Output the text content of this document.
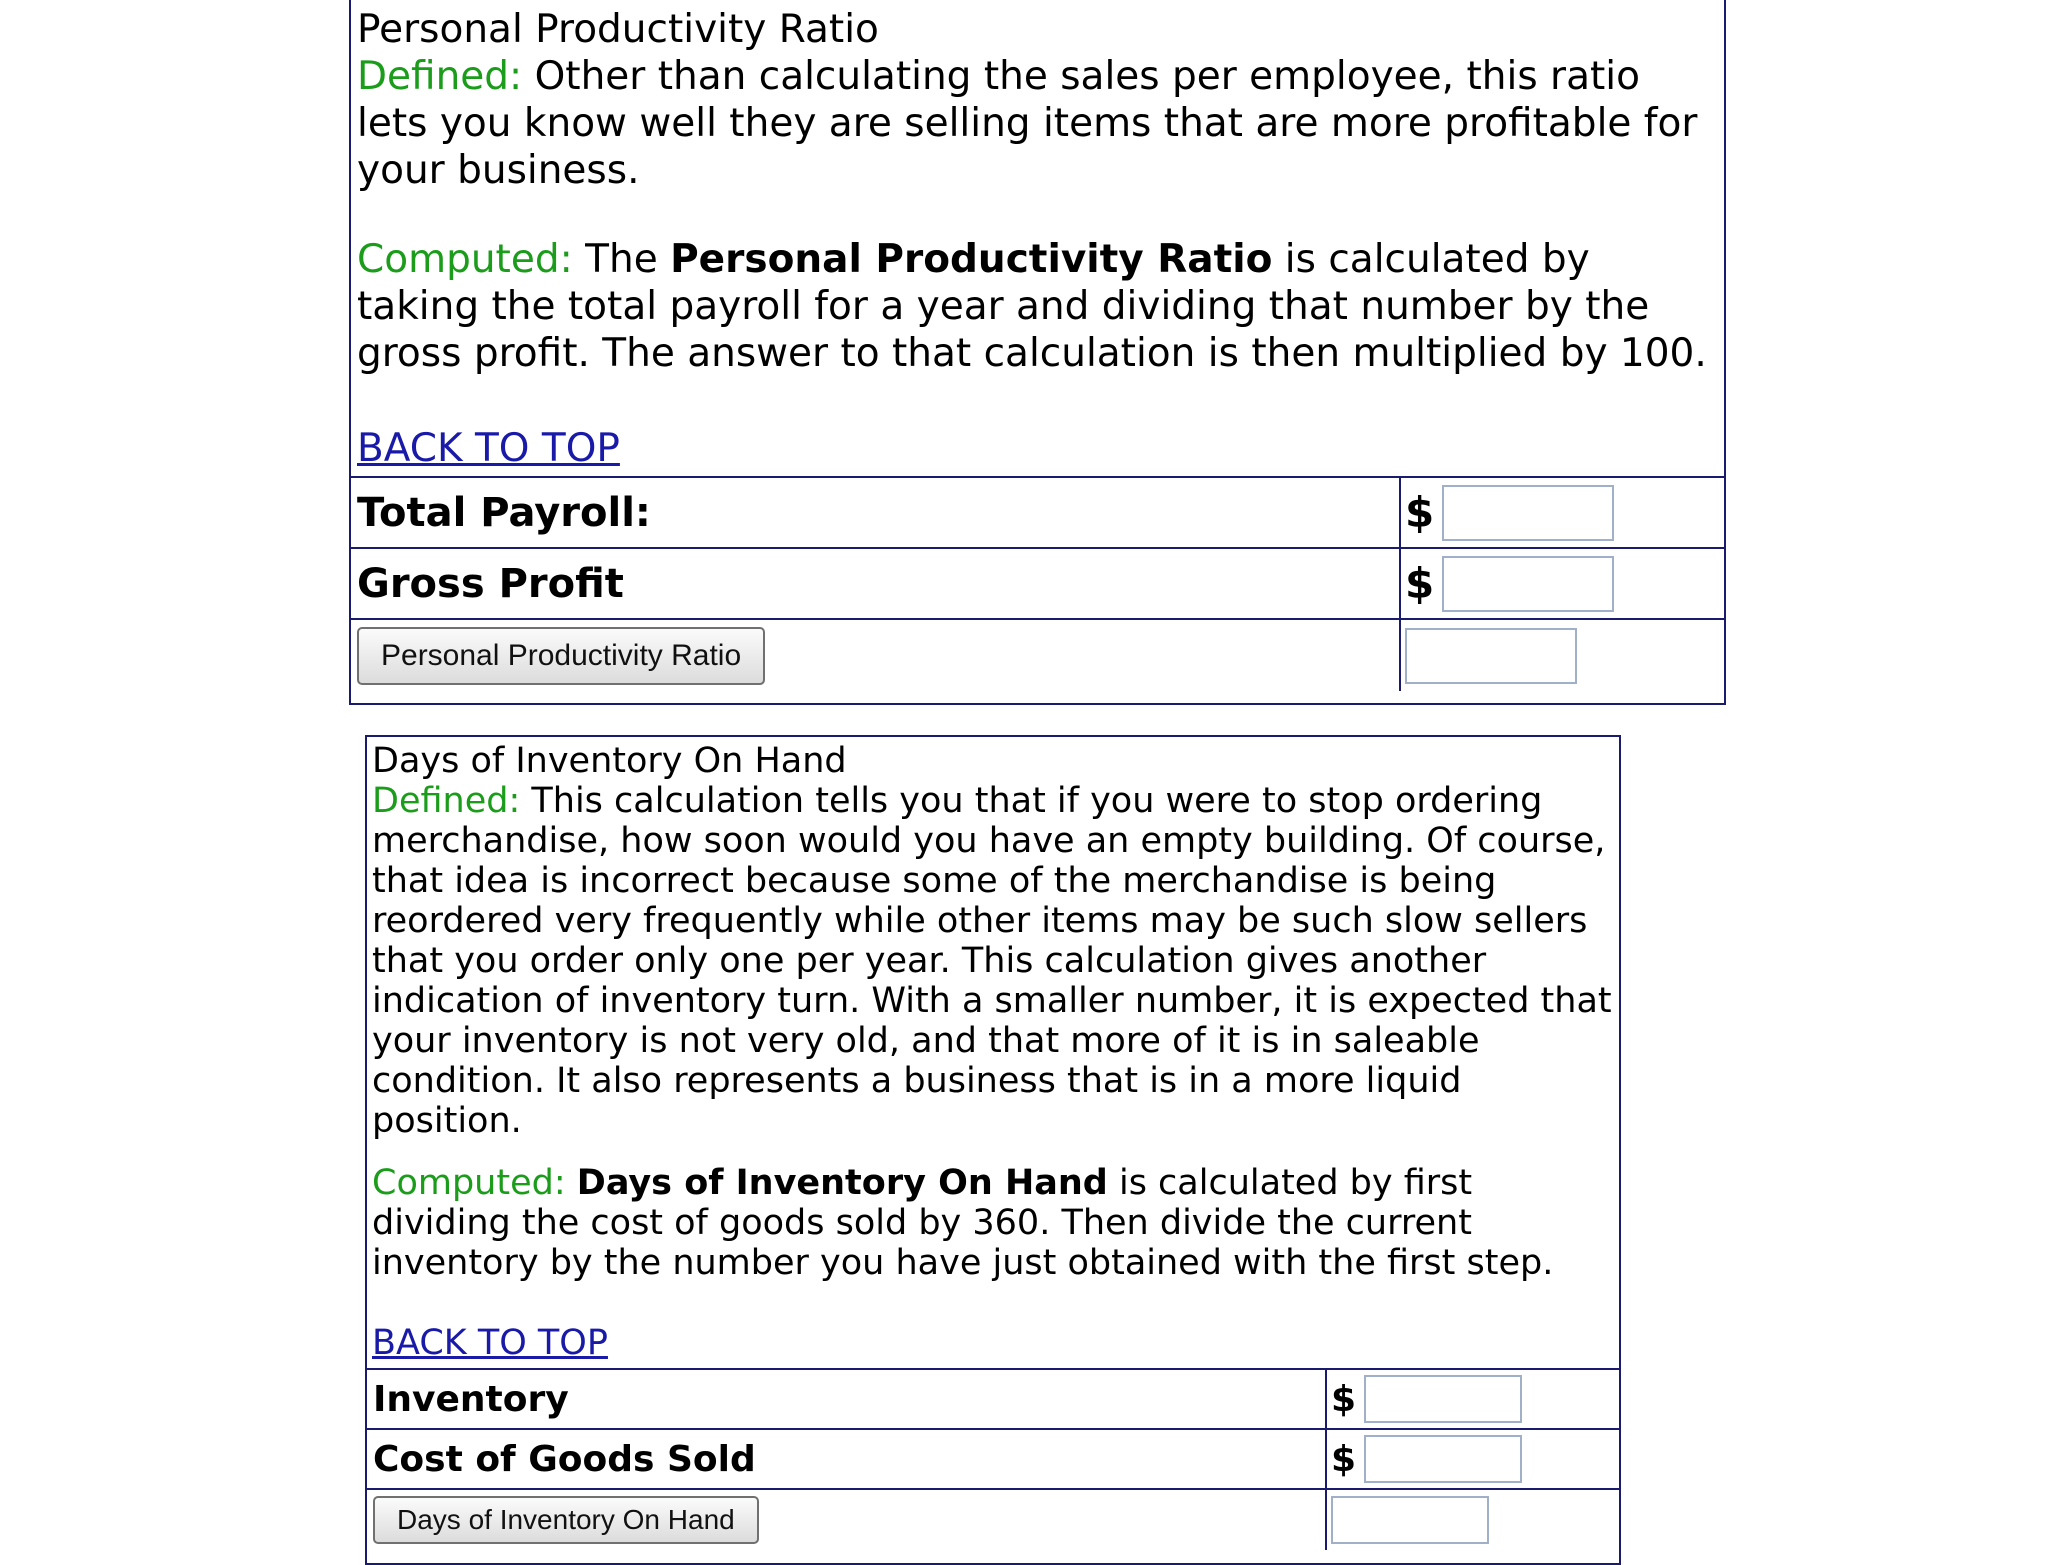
Personal Productivity Ratio

Defined: Other than calculating the sales per employee, this ratio lets you know well they are selling items that are more profitable for your business.

Computed: The Personal Productivity Ratio is calculated by taking the total payroll for a year and dividing that number by the gross profit. The answer to that calculation is then multiplied by 100.

BACK TO TOP
Total Payroll:	$
Gross Profit	$
Personal Productivity Ratio

Days of Inventory On Hand

Defined: This calculation tells you that if you were to stop ordering merchandise, how soon would you have an empty building. Of course, that idea is incorrect because some of the merchandise is being reordered very frequently while other items may be such slow sellers that you order only one per year. This calculation gives another indication of inventory turn. With a smaller number, it is expected that your inventory is not very old, and that more of it is in saleable condition. It also represents a business that is in a more liquid position.

Computed: Days of Inventory On Hand is calculated by first dividing the cost of goods sold by 360. Then divide the current inventory by the number you have just obtained with the first step.

BACK TO TOP
Inventory	$
Cost of Goods Sold	$
Days of Inventory On Hand
